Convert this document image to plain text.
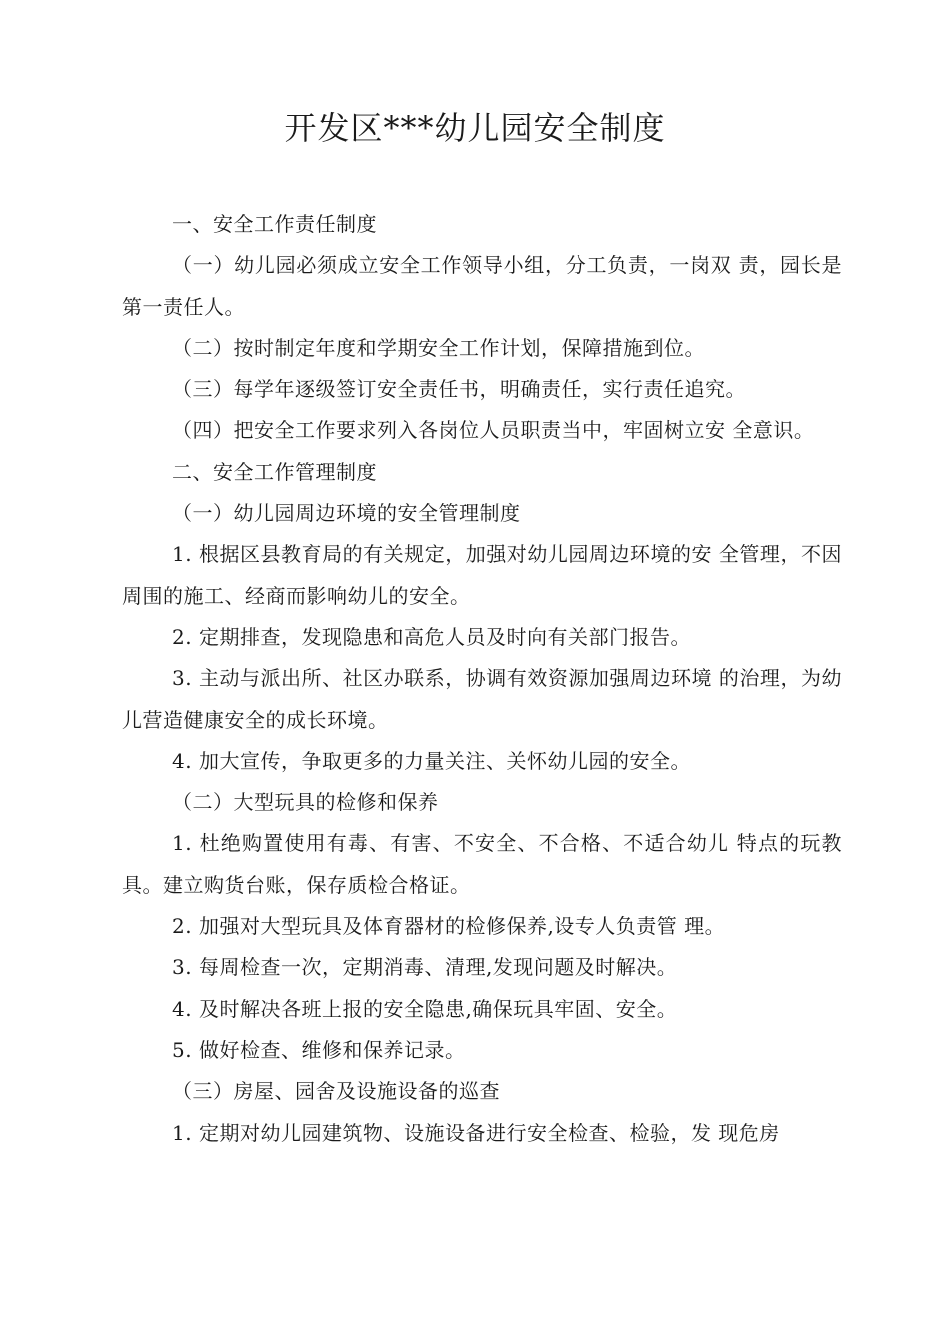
开发区***幼儿园安全制度

一、安全工作责任制度

（一）幼儿园必须成立安全工作领导小组，分工负责，一岗双 责，园长是第一责任人。

（二）按时制定年度和学期安全工作计划，保障措施到位。

（三）每学年逐级签订安全责任书，明确责任，实行责任追究。

（四）把安全工作要求列入各岗位人员职责当中，牢固树立安 全意识。

二、安全工作管理制度

（一）幼儿园周边环境的安全管理制度

1. 根据区县教育局的有关规定，加强对幼儿园周边环境的安 全管理，不因周围的施工、经商而影响幼儿的安全。

2. 定期排查，发现隐患和高危人员及时向有关部门报告。

3. 主动与派出所、社区办联系，协调有效资源加强周边环境 的治理，为幼儿营造健康安全的成长环境。

4. 加大宣传，争取更多的力量关注、关怀幼儿园的安全。

（二）大型玩具的检修和保养

1. 杜绝购置使用有毒、有害、不安全、不合格、不适合幼儿 特点的玩教具。建立购货台账，保存质检合格证。

2. 加强对大型玩具及体育器材的检修保养,设专人负责管 理。

3. 每周检查一次，定期消毒、清理,发现问题及时解决。

4. 及时解决各班上报的安全隐患,确保玩具牢固、安全。

5. 做好检查、维修和保养记录。

（三）房屋、园舍及设施设备的巡查

1. 定期对幼儿园建筑物、设施设备进行安全检查、检验，发 现危房
